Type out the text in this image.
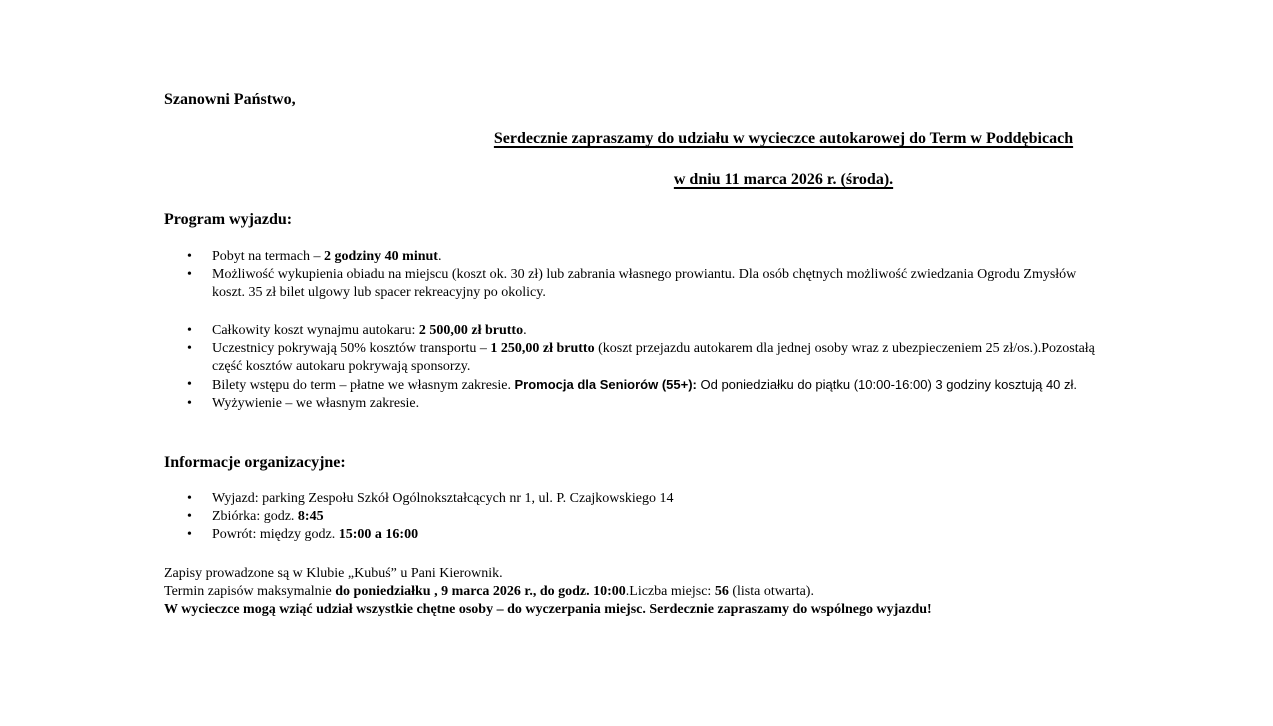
Szanowni Państwo,

Serdecznie zapraszamy do udziału w wycieczce autokarowej do Term w Poddębicach

w dniu 11 marca 2026 r. (środa).

Program wyjazdu:

• Pobyt na termach – 2 godziny 40 minut.
• Możliwość wykupienia obiadu na miejscu (koszt ok. 30 zł) lub zabrania własnego prowiantu. Dla osób chętnych możliwość zwiedzania Ogrodu Zmysłów koszt. 35 zł bilet ulgowy lub spacer rekreacyjny po okolicy.
• Całkowity koszt wynajmu autokaru: 2 500,00 zł brutto.
• Uczestnicy pokrywają 50% kosztów transportu – 1 250,00 zł brutto (koszt przejazdu autokarem dla jednej osoby wraz z ubezpieczeniem 25 zł/os.).Pozostałą część kosztów autokaru pokrywają sponsorzy.
• Bilety wstępu do term – płatne we własnym zakresie. Promocja dla Seniorów (55+): Od poniedziałku do piątku (10:00-16:00) 3 godziny kosztują 40 zł.
• Wyżywienie – we własnym zakresie.

Informacje organizacyjne:

• Wyjazd: parking Zespołu Szkół Ogólnokształcących nr 1, ul. P. Czajkowskiego 14
• Zbiórka: godz. 8:45
• Powrót: między godz. 15:00 a 16:00

Zapisy prowadzone są w Klubie „Kubuś” u Pani Kierownik.

Termin zapisów maksymalnie do poniedziałku , 9 marca 2026 r., do godz. 10:00.Liczba miejsc: 56 (lista otwarta).

W wycieczce mogą wziąć udział wszystkie chętne osoby – do wyczerpania miejsc. Serdecznie zapraszamy do wspólnego wyjazdu!
